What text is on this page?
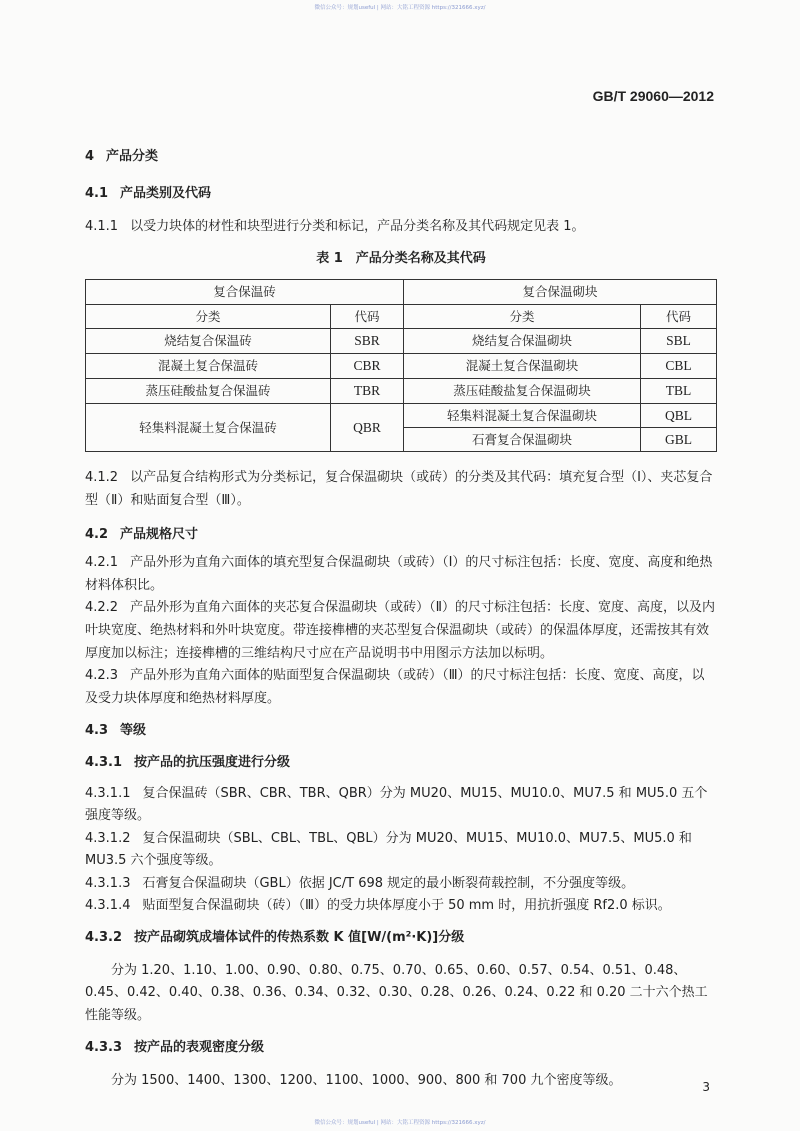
微信公众号：规划useful | 网站：大铭工程资源 https://321666.xyz/
GB/T 29060—2012
4 产品分类
4.1 产品类别及代码
4.1.1 以受力块体的材性和块型进行分类和标记，产品分类名称及其代码规定见表 1。
表 1　产品分类名称及其代码
复合保温砖		复合保温砌块	
分类	代码	分类	代码
烧结复合保温砖	SBR	烧结复合保温砌块	SBL
混凝土复合保温砖	CBR	混凝土复合保温砌块	CBL
蒸压硅酸盐复合保温砖	TBR	蒸压硅酸盐复合保温砌块	TBL
轻集料混凝土复合保温砖	QBR	轻集料混凝土复合保温砌块	QBL
		石膏复合保温砌块	GBL
4.1.2 以产品复合结构形式为分类标记，复合保温砌块（或砖）的分类及其代码：填充复合型（Ⅰ）、夹芯复合型（Ⅱ）和贴面复合型（Ⅲ）。
4.2 产品规格尺寸
4.2.1 产品外形为直角六面体的填充型复合保温砌块（或砖）（Ⅰ）的尺寸标注包括：长度、宽度、高度和绝热材料体积比。
4.2.2 产品外形为直角六面体的夹芯复合保温砌块（或砖）（Ⅱ）的尺寸标注包括：长度、宽度、高度，以及内叶块宽度、绝热材料和外叶块宽度。带连接榫槽的夹芯型复合保温砌块（或砖）的保温体厚度，还需按其有效厚度加以标注；连接榫槽的三维结构尺寸应在产品说明书中用图示方法加以标明。
4.2.3 产品外形为直角六面体的贴面型复合保温砌块（或砖）（Ⅲ）的尺寸标注包括：长度、宽度、高度，以及受力块体厚度和绝热材料厚度。
4.3 等级
4.3.1 按产品的抗压强度进行分级
4.3.1.1 复合保温砖（SBR、CBR、TBR、QBR）分为 MU20、MU15、MU10.0、MU7.5 和 MU5.0 五个强度等级。
4.3.1.2 复合保温砌块（SBL、CBL、TBL、QBL）分为 MU20、MU15、MU10.0、MU7.5、MU5.0 和 MU3.5 六个强度等级。
4.3.1.3 石膏复合保温砌块（GBL）依据 JC/T 698 规定的最小断裂荷载控制，不分强度等级。
4.3.1.4 贴面型复合保温砌块（砖）（Ⅲ）的受力块体厚度小于 50 mm 时，用抗折强度 Rf2.0 标识。
4.3.2 按产品砌筑成墙体试件的传热系数 K 值[W/(m²·K)]分级
分为 1.20、1.10、1.00、0.90、0.80、0.75、0.70、0.65、0.60、0.57、0.54、0.51、0.48、0.45、0.42、0.40、0.38、0.36、0.34、0.32、0.30、0.28、0.26、0.24、0.22 和 0.20 二十六个热工性能等级。
4.3.3 按产品的表观密度分级
分为 1500、1400、1300、1200、1100、1000、900、800 和 700 九个密度等级。	3
微信公众号：规划useful | 网站：大铭工程资源 https://321666.xyz/
